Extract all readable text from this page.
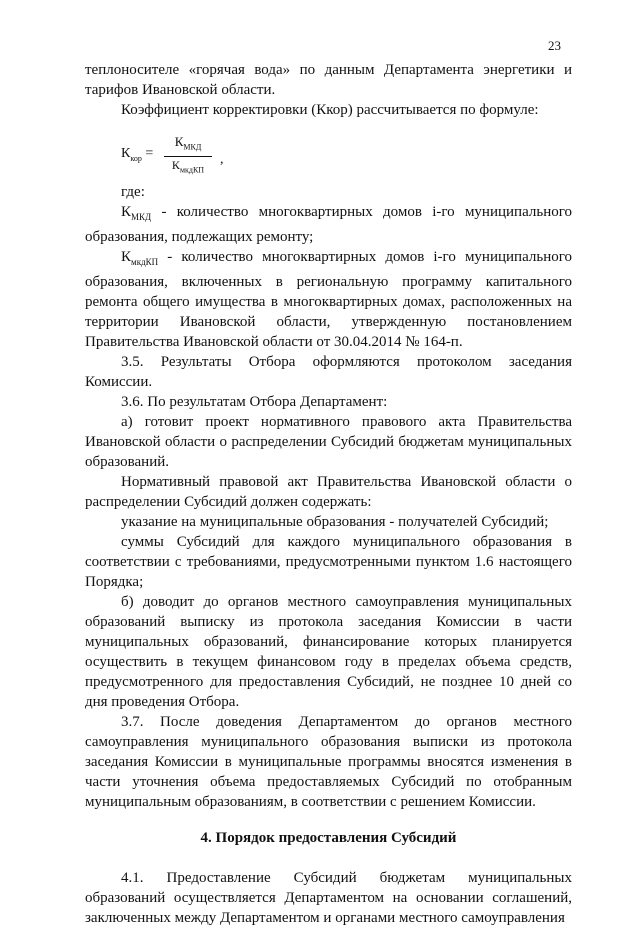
23

теплоносителе «горячая вода» по данным Департамента энергетики и тарифов Ивановской области.

Коэффициент корректировки (Ккор) рассчитывается по формуле:

$К_{кор}$ =
$К_{МКД}$
$К_{мкдКП}$
,

где:

$К_{МКД}$ - количество многоквартирных домов i-го муниципального образования, подлежащих ремонту;

$К_{мкдКП}$ - количество многоквартирных домов i-го муниципального образования, включенных в региональную программу капитального ремонта общего имущества в многоквартирных домах, расположенных на территории Ивановской области, утвержденную постановлением Правительства Ивановской области от 30.04.2014 № 164-п.

3.5. Результаты Отбора оформляются протоколом заседания Комиссии.

3.6. По результатам Отбора Департамент:

а) готовит проект нормативного правового акта Правительства Ивановской области о распределении Субсидий бюджетам муниципальных образований.

Нормативный правовой акт Правительства Ивановской области о распределении Субсидий должен содержать:

указание на муниципальные образования - получателей Субсидий;

суммы Субсидий для каждого муниципального образования в соответствии с требованиями, предусмотренными пунктом 1.6 настоящего Порядка;

б) доводит до органов местного самоуправления муниципальных образований выписку из протокола заседания Комиссии в части муниципальных образований, финансирование которых планируется осуществить в текущем финансовом году в пределах объема средств, предусмотренного для предоставления Субсидий, не позднее 10 дней со дня проведения Отбора.

3.7. После доведения Департаментом до органов местного самоуправления муниципального образования выписки из протокола заседания Комиссии в муниципальные программы вносятся изменения в части уточнения объема предоставляемых Субсидий по отобранным муниципальным образованиям, в соответствии с решением Комиссии.

4. Порядок предоставления Субсидий

4.1. Предоставление Субсидий бюджетам муниципальных образований осуществляется Департаментом на основании соглашений, заключенных между Департаментом и органами местного самоуправления
